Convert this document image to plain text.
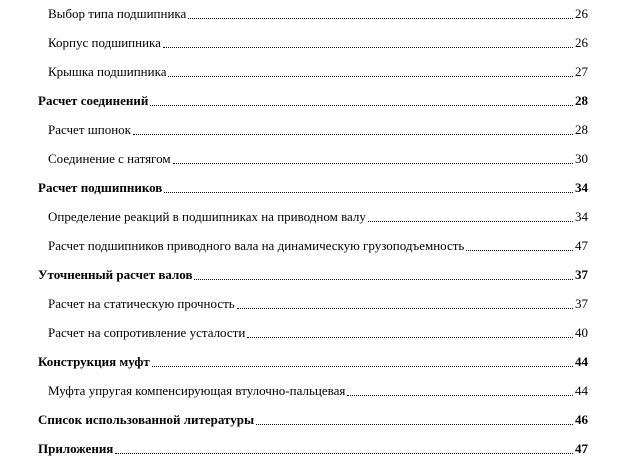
Выбор типа подшипника	26
Корпус подшипника	26
Крышка подшипника	27
Расчет соединений	28
Расчет шпонок	28
Соединение с натягом	30
Расчет подшипников	34
Определение реакций в подшипниках на приводном валу	34
Расчет подшипников приводного вала на динамическую грузоподъемность	47
Уточненный расчет валов	37
Расчет на статическую прочность	37
Расчет на сопротивление усталости	40
Конструкция муфт	44
Муфта упругая компенсирующая втулочно-пальцевая	44
Список использованной литературы	46
Приложения	47
